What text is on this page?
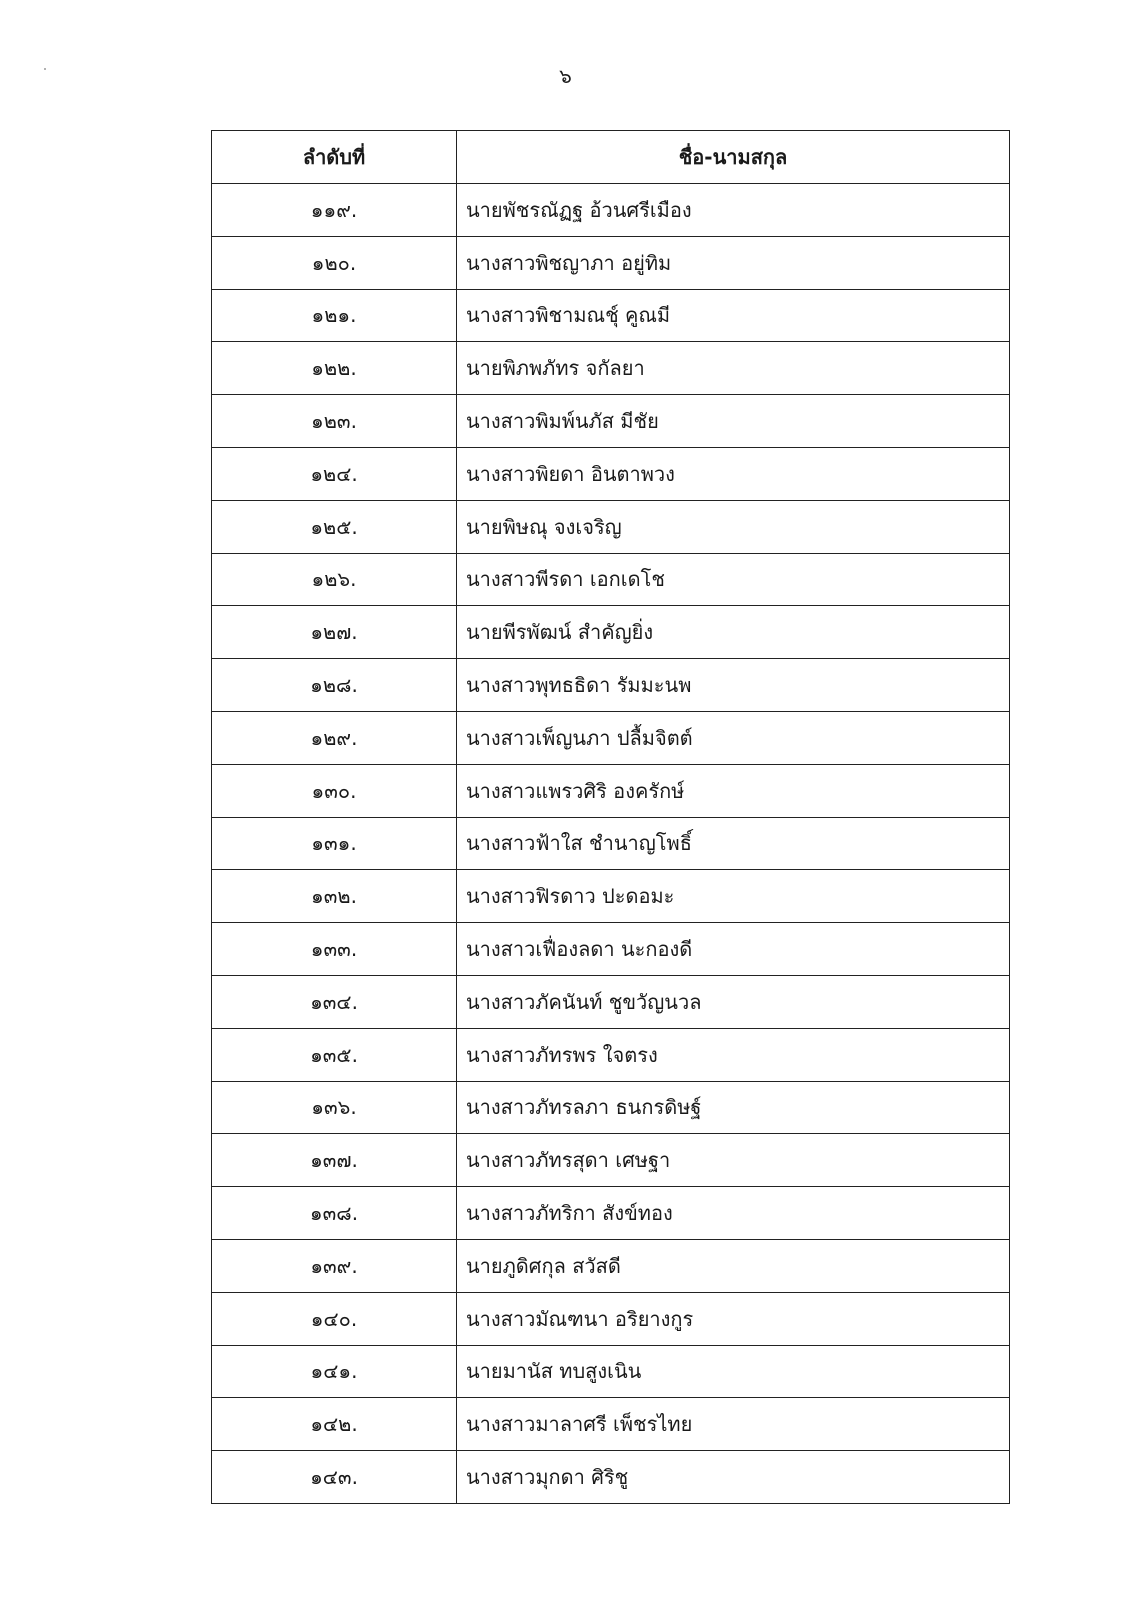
๖
ลำดับที่	ชื่อ-นามสกุล
๑๑๙.	นายพัชรณัฏฐ อ้วนศรีเมือง
๑๒๐.	นางสาวพิชญาภา อยู่ทิม
๑๒๑.	นางสาวพิชามณชุ์ คูณมี
๑๒๒.	นายพิภพภัทร จกัลยา
๑๒๓.	นางสาวพิมพ์นภัส มีชัย
๑๒๔.	นางสาวพิยดา อินตาพวง
๑๒๕.	นายพิษณุ จงเจริญ
๑๒๖.	นางสาวพีรดา เอกเดโช
๑๒๗.	นายพีรพัฒน์ สำคัญยิ่ง
๑๒๘.	นางสาวพุทธธิดา รัมมะนพ
๑๒๙.	นางสาวเพ็ญนภา ปลื้มจิตต์
๑๓๐.	นางสาวแพรวศิริ องครักษ์
๑๓๑.	นางสาวฟ้าใส ชำนาญโพธิ์
๑๓๒.	นางสาวฟิรดาว ปะดอมะ
๑๓๓.	นางสาวเฟื่องลดา นะกองดี
๑๓๔.	นางสาวภัคนันท์ ชูขวัญนวล
๑๓๕.	นางสาวภัทรพร ใจตรง
๑๓๖.	นางสาวภัทรลภา ธนกรดิษฐ์
๑๓๗.	นางสาวภัทรสุดา เศษฐา
๑๓๘.	นางสาวภัทริกา สังข์ทอง
๑๓๙.	นายภูดิศกุล สวัสดี
๑๔๐.	นางสาวมัณฑนา อริยางกูร
๑๔๑.	นายมานัส ทบสูงเนิน
๑๔๒.	นางสาวมาลาศรี เพ็ชรไทย
๑๔๓.	นางสาวมุกดา ศิริชู
